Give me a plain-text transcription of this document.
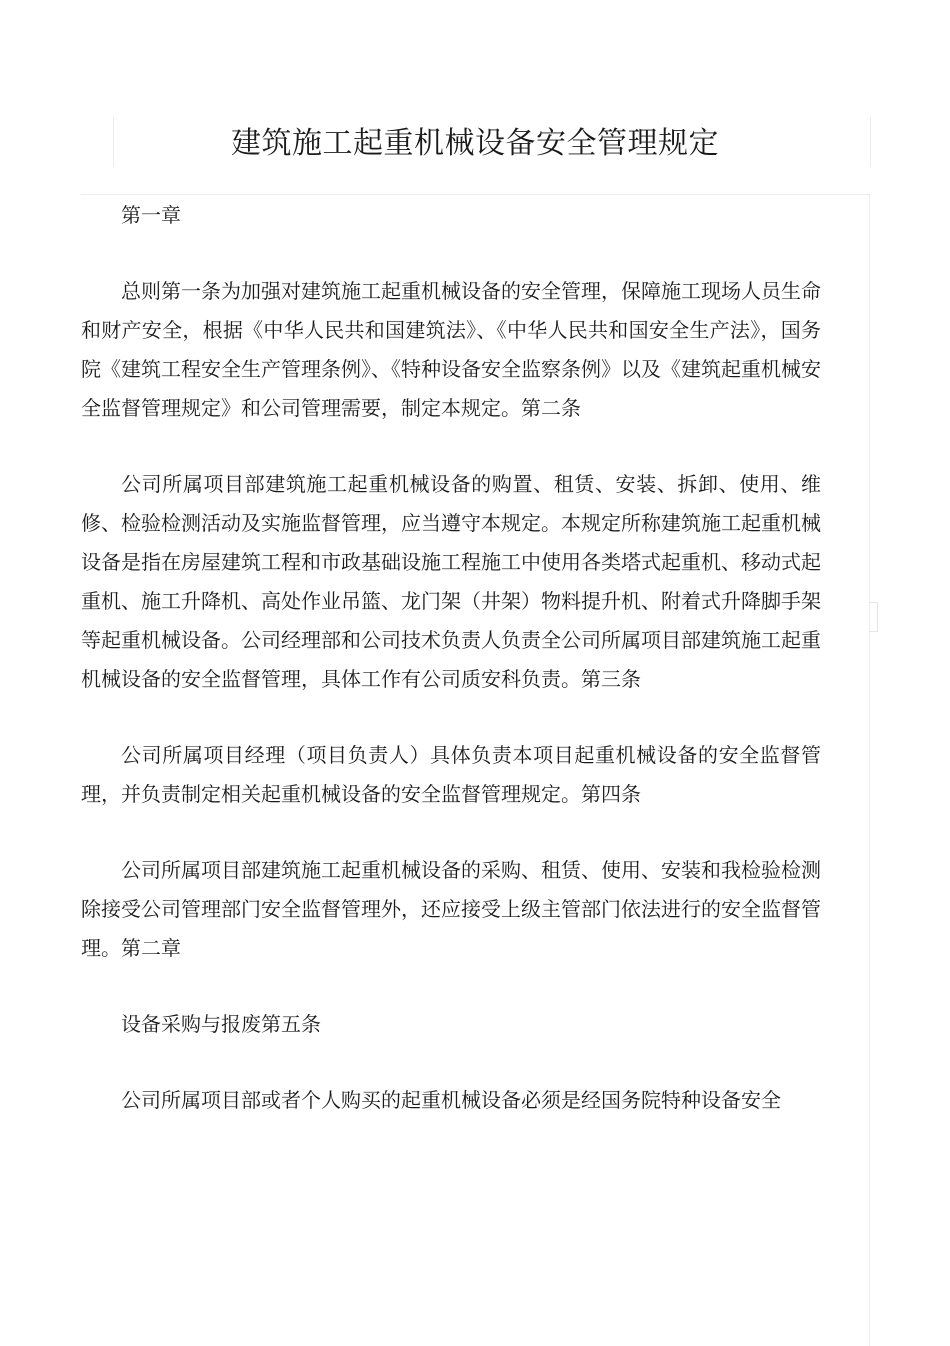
建筑施工起重机械设备安全管理规定

第一章

总则第一条为加强对建筑施工起重机械设备的安全管理，保障施工现场人员生命和财产安全，根据《中华人民共和国建筑法》、《中华人民共和国安全生产法》，国务院《建筑工程安全生产管理条例》、《特种设备安全监察条例》以及《建筑起重机械安全监督管理规定》和公司管理需要，制定本规定。第二条

公司所属项目部建筑施工起重机械设备的购置、租赁、安装、拆卸、使用、维修、检验检测活动及实施监督管理，应当遵守本规定。本规定所称建筑施工起重机械设备是指在房屋建筑工程和市政基础设施工程施工中使用各类塔式起重机、移动式起重机、施工升降机、高处作业吊篮、龙门架（井架）物料提升机、附着式升降脚手架等起重机械设备。公司经理部和公司技术负责人负责全公司所属项目部建筑施工起重机械设备的安全监督管理，具体工作有公司质安科负责。第三条

公司所属项目经理（项目负责人）具体负责本项目起重机械设备的安全监督管理，并负责制定相关起重机械设备的安全监督管理规定。第四条

公司所属项目部建筑施工起重机械设备的采购、租赁、使用、安装和我检验检测除接受公司管理部门安全监督管理外，还应接受上级主管部门依法进行的安全监督管理。第二章

设备采购与报废第五条

公司所属项目部或者个人购买的起重机械设备必须是经国务院特种设备安全
